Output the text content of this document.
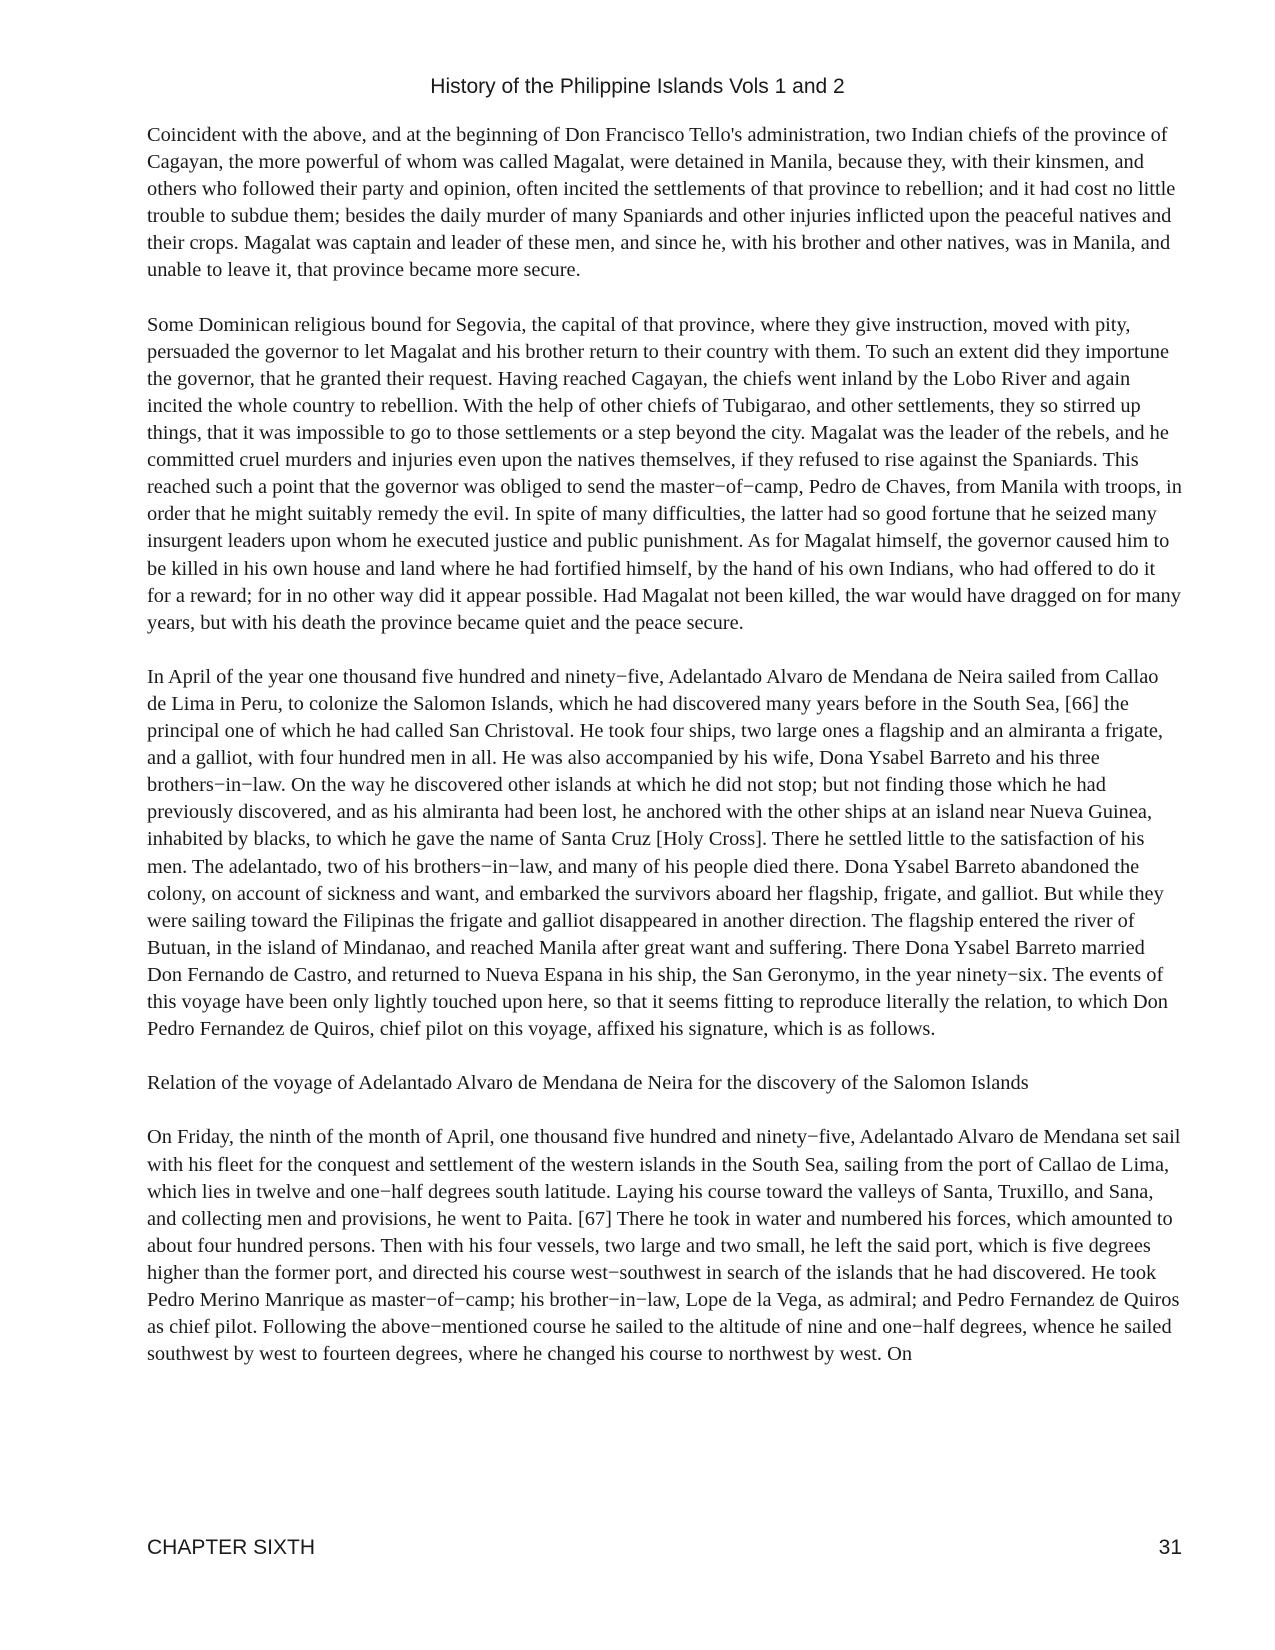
History of the Philippine Islands Vols 1 and 2

Coincident with the above, and at the beginning of Don Francisco Tello's administration, two Indian chiefs of the province of Cagayan, the more powerful of whom was called Magalat, were detained in Manila, because they, with their kinsmen, and others who followed their party and opinion, often incited the settlements of that province to rebellion; and it had cost no little trouble to subdue them; besides the daily murder of many Spaniards and other injuries inflicted upon the peaceful natives and their crops. Magalat was captain and leader of these men, and since he, with his brother and other natives, was in Manila, and unable to leave it, that province became more secure.

Some Dominican religious bound for Segovia, the capital of that province, where they give instruction, moved with pity, persuaded the governor to let Magalat and his brother return to their country with them. To such an extent did they importune the governor, that he granted their request. Having reached Cagayan, the chiefs went inland by the Lobo River and again incited the whole country to rebellion. With the help of other chiefs of Tubigarao, and other settlements, they so stirred up things, that it was impossible to go to those settlements or a step beyond the city. Magalat was the leader of the rebels, and he committed cruel murders and injuries even upon the natives themselves, if they refused to rise against the Spaniards. This reached such a point that the governor was obliged to send the master−of−camp, Pedro de Chaves, from Manila with troops, in order that he might suitably remedy the evil. In spite of many difficulties, the latter had so good fortune that he seized many insurgent leaders upon whom he executed justice and public punishment. As for Magalat himself, the governor caused him to be killed in his own house and land where he had fortified himself, by the hand of his own Indians, who had offered to do it for a reward; for in no other way did it appear possible. Had Magalat not been killed, the war would have dragged on for many years, but with his death the province became quiet and the peace secure.

In April of the year one thousand five hundred and ninety−five, Adelantado Alvaro de Mendana de Neira sailed from Callao de Lima in Peru, to colonize the Salomon Islands, which he had discovered many years before in the South Sea, [66] the principal one of which he had called San Christoval. He took four ships, two large ones a flagship and an almiranta a frigate, and a galliot, with four hundred men in all. He was also accompanied by his wife, Dona Ysabel Barreto and his three brothers−in−law. On the way he discovered other islands at which he did not stop; but not finding those which he had previously discovered, and as his almiranta had been lost, he anchored with the other ships at an island near Nueva Guinea, inhabited by blacks, to which he gave the name of Santa Cruz [Holy Cross]. There he settled little to the satisfaction of his men. The adelantado, two of his brothers−in−law, and many of his people died there. Dona Ysabel Barreto abandoned the colony, on account of sickness and want, and embarked the survivors aboard her flagship, frigate, and galliot. But while they were sailing toward the Filipinas the frigate and galliot disappeared in another direction. The flagship entered the river of Butuan, in the island of Mindanao, and reached Manila after great want and suffering. There Dona Ysabel Barreto married Don Fernando de Castro, and returned to Nueva Espana in his ship, the San Geronymo, in the year ninety−six. The events of this voyage have been only lightly touched upon here, so that it seems fitting to reproduce literally the relation, to which Don Pedro Fernandez de Quiros, chief pilot on this voyage, affixed his signature, which is as follows.

Relation of the voyage of Adelantado Alvaro de Mendana de Neira for the discovery of the Salomon Islands

On Friday, the ninth of the month of April, one thousand five hundred and ninety−five, Adelantado Alvaro de Mendana set sail with his fleet for the conquest and settlement of the western islands in the South Sea, sailing from the port of Callao de Lima, which lies in twelve and one−half degrees south latitude. Laying his course toward the valleys of Santa, Truxillo, and Sana, and collecting men and provisions, he went to Paita. [67] There he took in water and numbered his forces, which amounted to about four hundred persons. Then with his four vessels, two large and two small, he left the said port, which is five degrees higher than the former port, and directed his course west−southwest in search of the islands that he had discovered. He took Pedro Merino Manrique as master−of−camp; his brother−in−law, Lope de la Vega, as admiral; and Pedro Fernandez de Quiros as chief pilot. Following the above−mentioned course he sailed to the altitude of nine and one−half degrees, whence he sailed southwest by west to fourteen degrees, where he changed his course to northwest by west. On

CHAPTER SIXTH	31
